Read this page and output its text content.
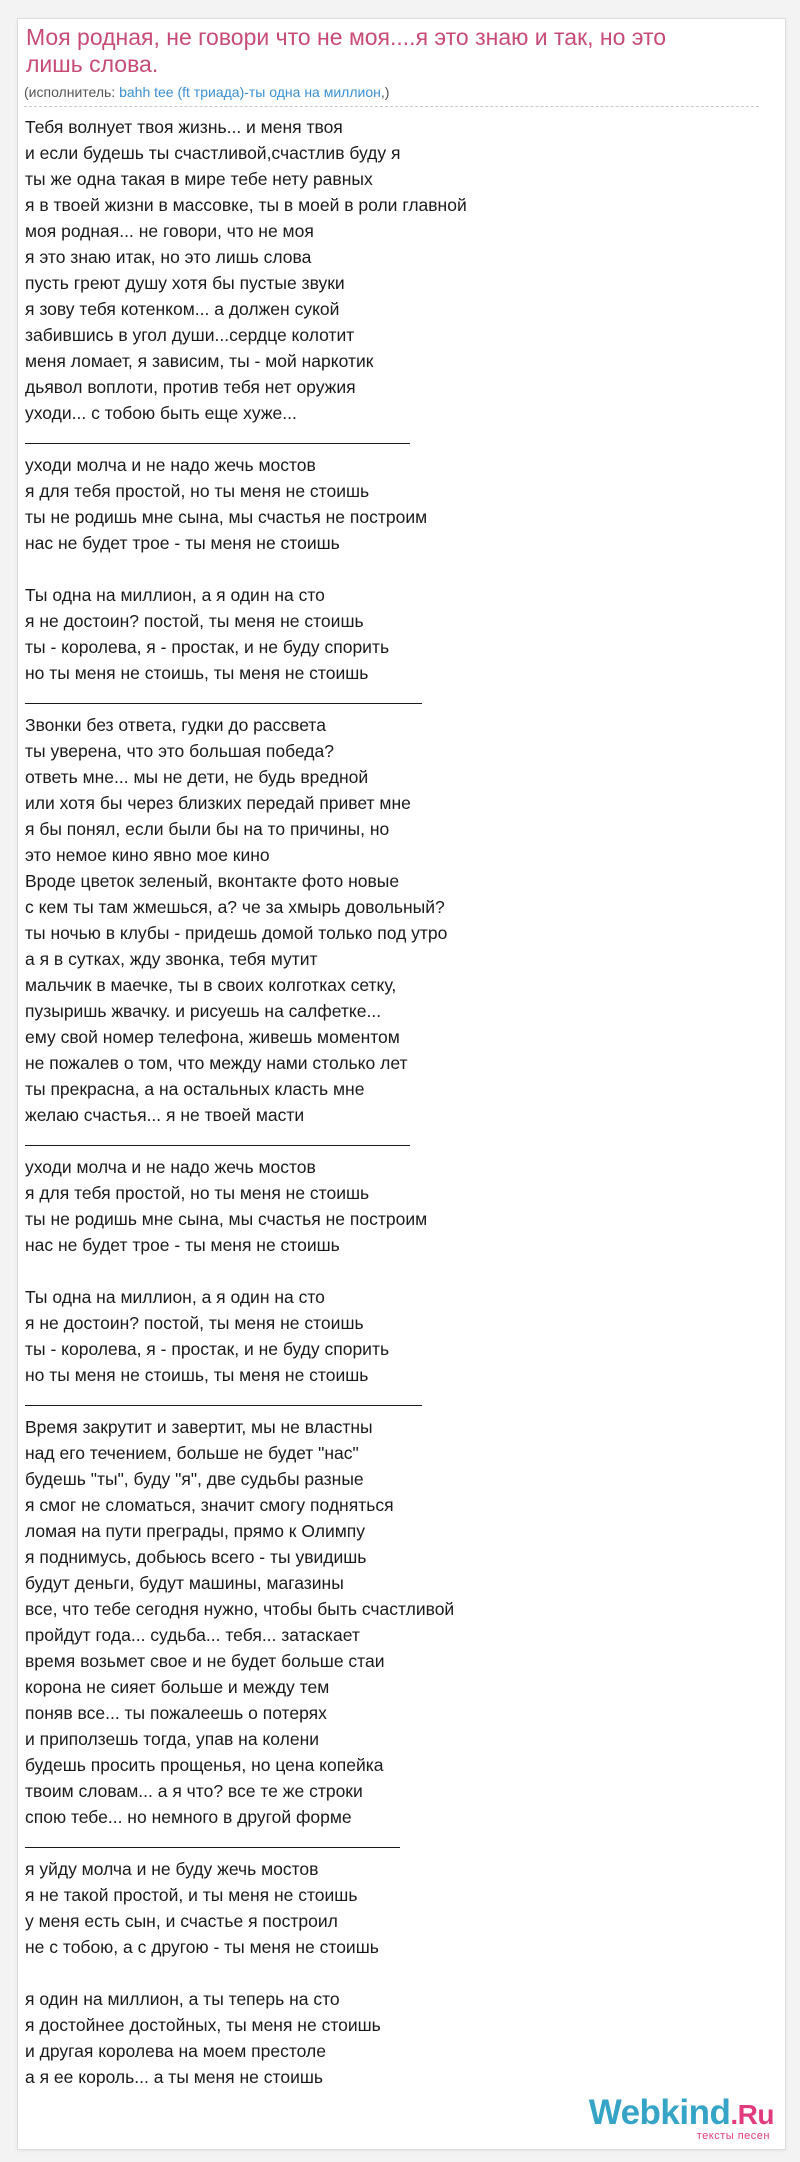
Моя родная, не говори что не моя....я это знаю и так, но это лишь слова.
(исполнитель: bahh tee (ft триада)-ты одна на миллион,)
Тебя волнует твоя жизнь... и меня твоя
и если будешь ты счастливой,счастлив буду я
ты же одна такая в мире тебе нету равных
я в твоей жизни в массовке, ты в моей в роли главной
моя родная... не говори, что не моя
я это знаю итак, но это лишь слова
пусть греют душу хотя бы пустые звуки
я зову тебя котенком... а должен сукой
забившись в угол души...сердце колотит
меня ломает, я зависим, ты - мой наркотик
дьявол воплоти, против тебя нет оружия
уходи... с тобою быть еще хуже...
уходи молча и не надо жечь мостов
я для тебя простой, но ты меня не стоишь
ты не родишь мне сына, мы счастья не построим
нас не будет трое - ты меня не стоишь
Ты одна на миллион, а я один на сто
я не достоин? постой, ты меня не стоишь
ты - королева, я - простак, и не буду спорить
но ты меня не стоишь, ты меня не стоишь
Звонки без ответа, гудки до рассвета
ты уверена, что это большая победа?
ответь мне... мы не дети, не будь вредной
или хотя бы через близких передай привет мне
я бы понял, если были бы на то причины, но
это немое кино явно мое кино
Вроде цветок зеленый, вконтакте фото новые
с кем ты там жмешься, а? че за хмырь довольный?
ты ночью в клубы - придешь домой только под утро
а я в сутках, жду звонка, тебя мутит
мальчик в маечке, ты в своих колготках сетку,
пузыришь жвачку. и рисуешь на салфетке...
ему свой номер телефона, живешь моментом
не пожалев о том, что между нами столько лет
ты прекрасна, а на остальных класть мне
желаю счастья... я не твоей масти
уходи молча и не надо жечь мостов
я для тебя простой, но ты меня не стоишь
ты не родишь мне сына, мы счастья не построим
нас не будет трое - ты меня не стоишь
Ты одна на миллион, а я один на сто
я не достоин? постой, ты меня не стоишь
ты - королева, я - простак, и не буду спорить
но ты меня не стоишь, ты меня не стоишь
Время закрутит и завертит, мы не властны
над его течением, больше не будет "нас"
будешь "ты", буду "я", две судьбы разные
я смог не сломаться, значит смогу подняться
ломая на пути преграды, прямо к Олимпу
я поднимусь, добьюсь всего - ты увидишь
будут деньги, будут машины, магазины
все, что тебе сегодня нужно, чтобы быть счастливой
пройдут года... судьба... тебя... затаскает
время возьмет свое и не будет больше стаи
корона не сияет больше и между тем
поняв все... ты пожалеешь о потерях
и приползешь тогда, упав на колени
будешь просить прощенья, но цена копейка
твоим словам... а я что? все те же строки
спою тебе... но немного в другой форме
я уйду молча и не буду жечь мостов
я не такой простой, и ты меня не стоишь
у меня есть сын, и счастье я построил
не с тобою, а с другою - ты меня не стоишь
я один на миллион, а ты теперь на сто
я достойнее достойных, ты меня не стоишь
и другая королева на моем престоле
а я ее король... а ты меня не стоишь
Webkind.Ru
тексты песен
